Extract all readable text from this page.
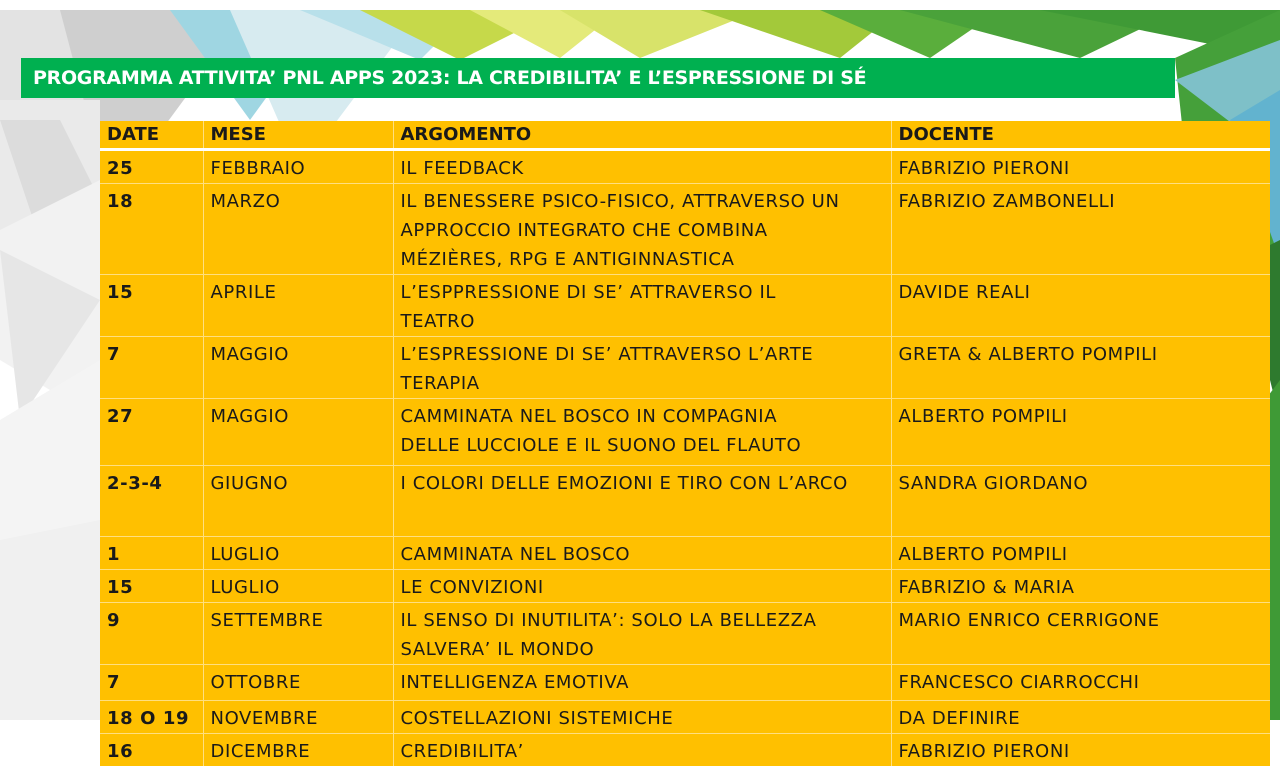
PROGRAMMA ATTIVITA’ PNL APPS 2023: LA CREDIBILITA’ E L’ESPRESSIONE DI SÉ
DATE	MESE	ARGOMENTO	DOCENTE
25	FEBBRAIO	IL FEEDBACK	FABRIZIO PIERONI
18	MARZO	IL BENESSERE PSICO-FISICO, ATTRAVERSO UN
APPROCCIO INTEGRATO CHE COMBINA
MÉZIÈRES, RPG E ANTIGINNASTICA	FABRIZIO ZAMBONELLI
15	APRILE	L’ESPPRESSIONE DI SE’ ATTRAVERSO IL
TEATRO	DAVIDE REALI
7	MAGGIO	L’ESPRESSIONE DI SE’ ATTRAVERSO L’ARTE
TERAPIA	GRETA & ALBERTO POMPILI
27	MAGGIO	CAMMINATA NEL BOSCO IN COMPAGNIA
DELLE LUCCIOLE E IL SUONO DEL FLAUTO	ALBERTO POMPILI
2-3-4	GIUGNO	I COLORI DELLE EMOZIONI E TIRO CON L’ARCO	SANDRA GIORDANO
1	LUGLIO	CAMMINATA NEL BOSCO	ALBERTO POMPILI
15	LUGLIO	LE CONVIZIONI	FABRIZIO & MARIA
9	SETTEMBRE	IL SENSO DI INUTILITA’: SOLO LA BELLEZZA
SALVERA’ IL MONDO	MARIO ENRICO CERRIGONE
7	OTTOBRE	INTELLIGENZA EMOTIVA	FRANCESCO CIARROCCHI
18 O 19	NOVEMBRE	COSTELLAZIONI SISTEMICHE	DA DEFINIRE
16	DICEMBRE	CREDIBILITA’	FABRIZIO PIERONI
